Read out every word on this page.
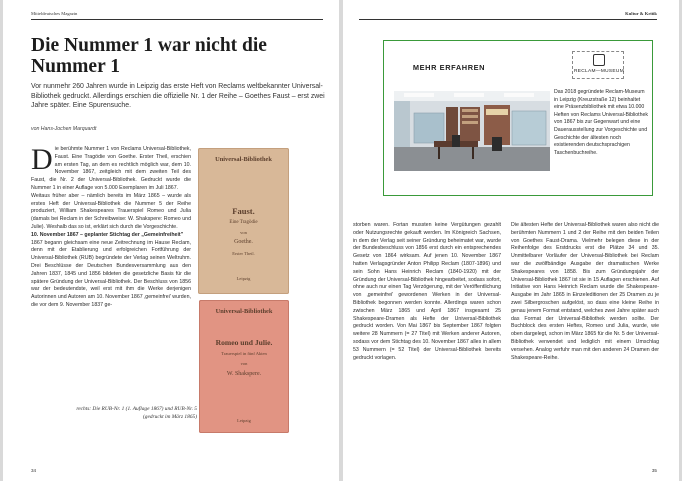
Mitteldeutsches Magazin
Die Nummer 1 war nicht die Nummer 1

Vor nunmehr 260 Jahren wurde in Leipzig das erste Heft von Reclams weltbekannter Universal-Bibliothek gedruckt. Allerdings erschien die offizielle Nr. 1 der Reihe – Goethes Faust – erst zwei Jahre später. Eine Spurensuche.

von Hans-Jochen Marquardt

D ie berühmte Nummer 1 von Reclams Universal-Bibliothek, Faust. Eine Tragödie von Goethe. Erster Theil, erschien am ersten Tag, an dem es rechtlich möglich war, dem 10. November 1867, zeitgleich mit dem zweiten Teil des Faust, die Nr. 2 der Universal-Bibliothek. Gedruckt wurde die Nummer 1 in einer Auflage von 5.000 Exemplaren im Juli 1867.

Weitaus früher aber – nämlich bereits im März 1865 – wurde als erstes Heft der Universal-Bibliothek die Nummer 5 der Reihe produziert, William Shakespeares Trauerspiel Romeo und Julia (damals bei Reclam in der Schreibweise: W. Shakspere: Romeo und Julie). Weshalb das so ist, erklärt sich durch die Vorgeschichte.

10. November 1867 – geplanter Stichtag der „Gemeinfreiheit"

1867 begann gleichsam eine neue Zeitrechnung im Hause Reclam, denn mit der Etablierung und erfolgreichen Fortführung der Universal-Bibliothek (RUB) begründete der Verlag seinen Weltruhm. Drei Beschlüsse der Deutschen Bundesversammlung aus den Jahren 1837, 1845 und 1856 bildeten die gesetzliche Basis für die spätere Gründung der Universal-Bibliothek. Der Beschluss von 1856 war der bedeutendste, weil erst mit ihm die Werke derjenigen Autorinnen und Autoren am 10. November 1867 ‚gemeinfrei' wurden, die vor dem 9. November 1837 ge-

Universal-Bibliothek
Faust.
Eine Tragödie
von
Goethe.
Erster Theil.
Leipzig
Universal-Bibliothek
Romeo und Julie.
Trauerspiel in fünf Akten
von
W. Shakspere.
Leipzig

rechts: Die RUB-Nr. 1 (1. Auflage 1867) und RUB-Nr. 5 (gedruckt im März 1865)

34
Kultur & Kritik
MEHR ERFAHREN	RECLAM—MUSEUM

Das 2018 gegründete Reclam-Museum in Leipzig (Kreuzstraße 12) beinhaltet eine Präsenzbibliothek mit etwa 10.000 Heften von Reclams Universal-Bibliothek von 1867 bis zur Gegenwart und eine Dauerausstellung zur Vorgeschichte und Geschichte der ältesten noch existierenden deutschsprachigen Taschenbuchreihe.

storben waren. Fortan mussten keine Vergütungen gezahlt oder Nutzungsrechte gekauft werden. Im Königreich Sachsen, in dem der Verlag seit seiner Gründung beheimatet war, wurde der Bundesbeschluss von 1856 erst durch ein entsprechendes Gesetz von 1864 wirksam. Auf jenen 10. November 1867 hatten Verlagsgründer Anton Philipp Reclam (1807-1896) und sein Sohn Hans Heinrich Reclam (1840-1920) mit der Gründung der Universal-Bibliothek hingearbeitet, sodass sofort, ohne auch nur einen Tag Verzögerung, mit der Veröffentlichung von ‚gemeinfrei' gewordenen Werken in der Universal-Bibliothek begonnen werden konnte. Allerdings waren schon zwischen März 1865 und April 1867 insgesamt 25 Shakespeare-Dramen als Hefte der Universal-Bibliothek gedruckt worden. Von Mai 1867 bis September 1867 folgten weitere 28 Nummern (= 27 Titel) mit Werken anderer Autoren, sodass vor dem Stichtag des 10. November 1867 alles in allem 53 Nummern (= 52 Titel) der Universal-Bibliothek bereits gedruckt vorlagen.

Die ältesten Hefte der Universal-Bibliothek waren also nicht die berühmten Nummern 1 und 2 der Reihe mit den beiden Teilen von Goethes Faust-Drama. Vielmehr belegen diese in der Reihenfolge des Erstdrucks erst die Plätze 34 und 35. Unmittelbarer Vorläufer der Universal-Bibliothek bei Reclam war die zwölfbändige Ausgabe der dramatischen Werke Shakespeares von 1858. Bis zum Gründungsjahr der Universal-Bibliothek 1867 ist sie in 15 Auflagen erschienen. Auf Initiative von Hans Heinrich Reclam wurde die Shakespeare-Ausgabe im Jahr 1865 in Einzeleditionen der 25 Dramen zu je zwei Silbergroschen aufgelöst, so dass eine kleine Reihe in genau jenem Format entstand, welches zwei Jahre später auch das Format der Universal-Bibliothek werden sollte. Der Buchblock des ersten Heftes, Romeo und Julia, wurde, wie oben dargelegt, schon im März 1865 für die Nr. 5 der Universal-Bibliothek verwendet und lediglich mit einem Umschlag versehen. Analog verfuhr man mit den anderen 24 Dramen der Shakespeare-Reihe.

35
